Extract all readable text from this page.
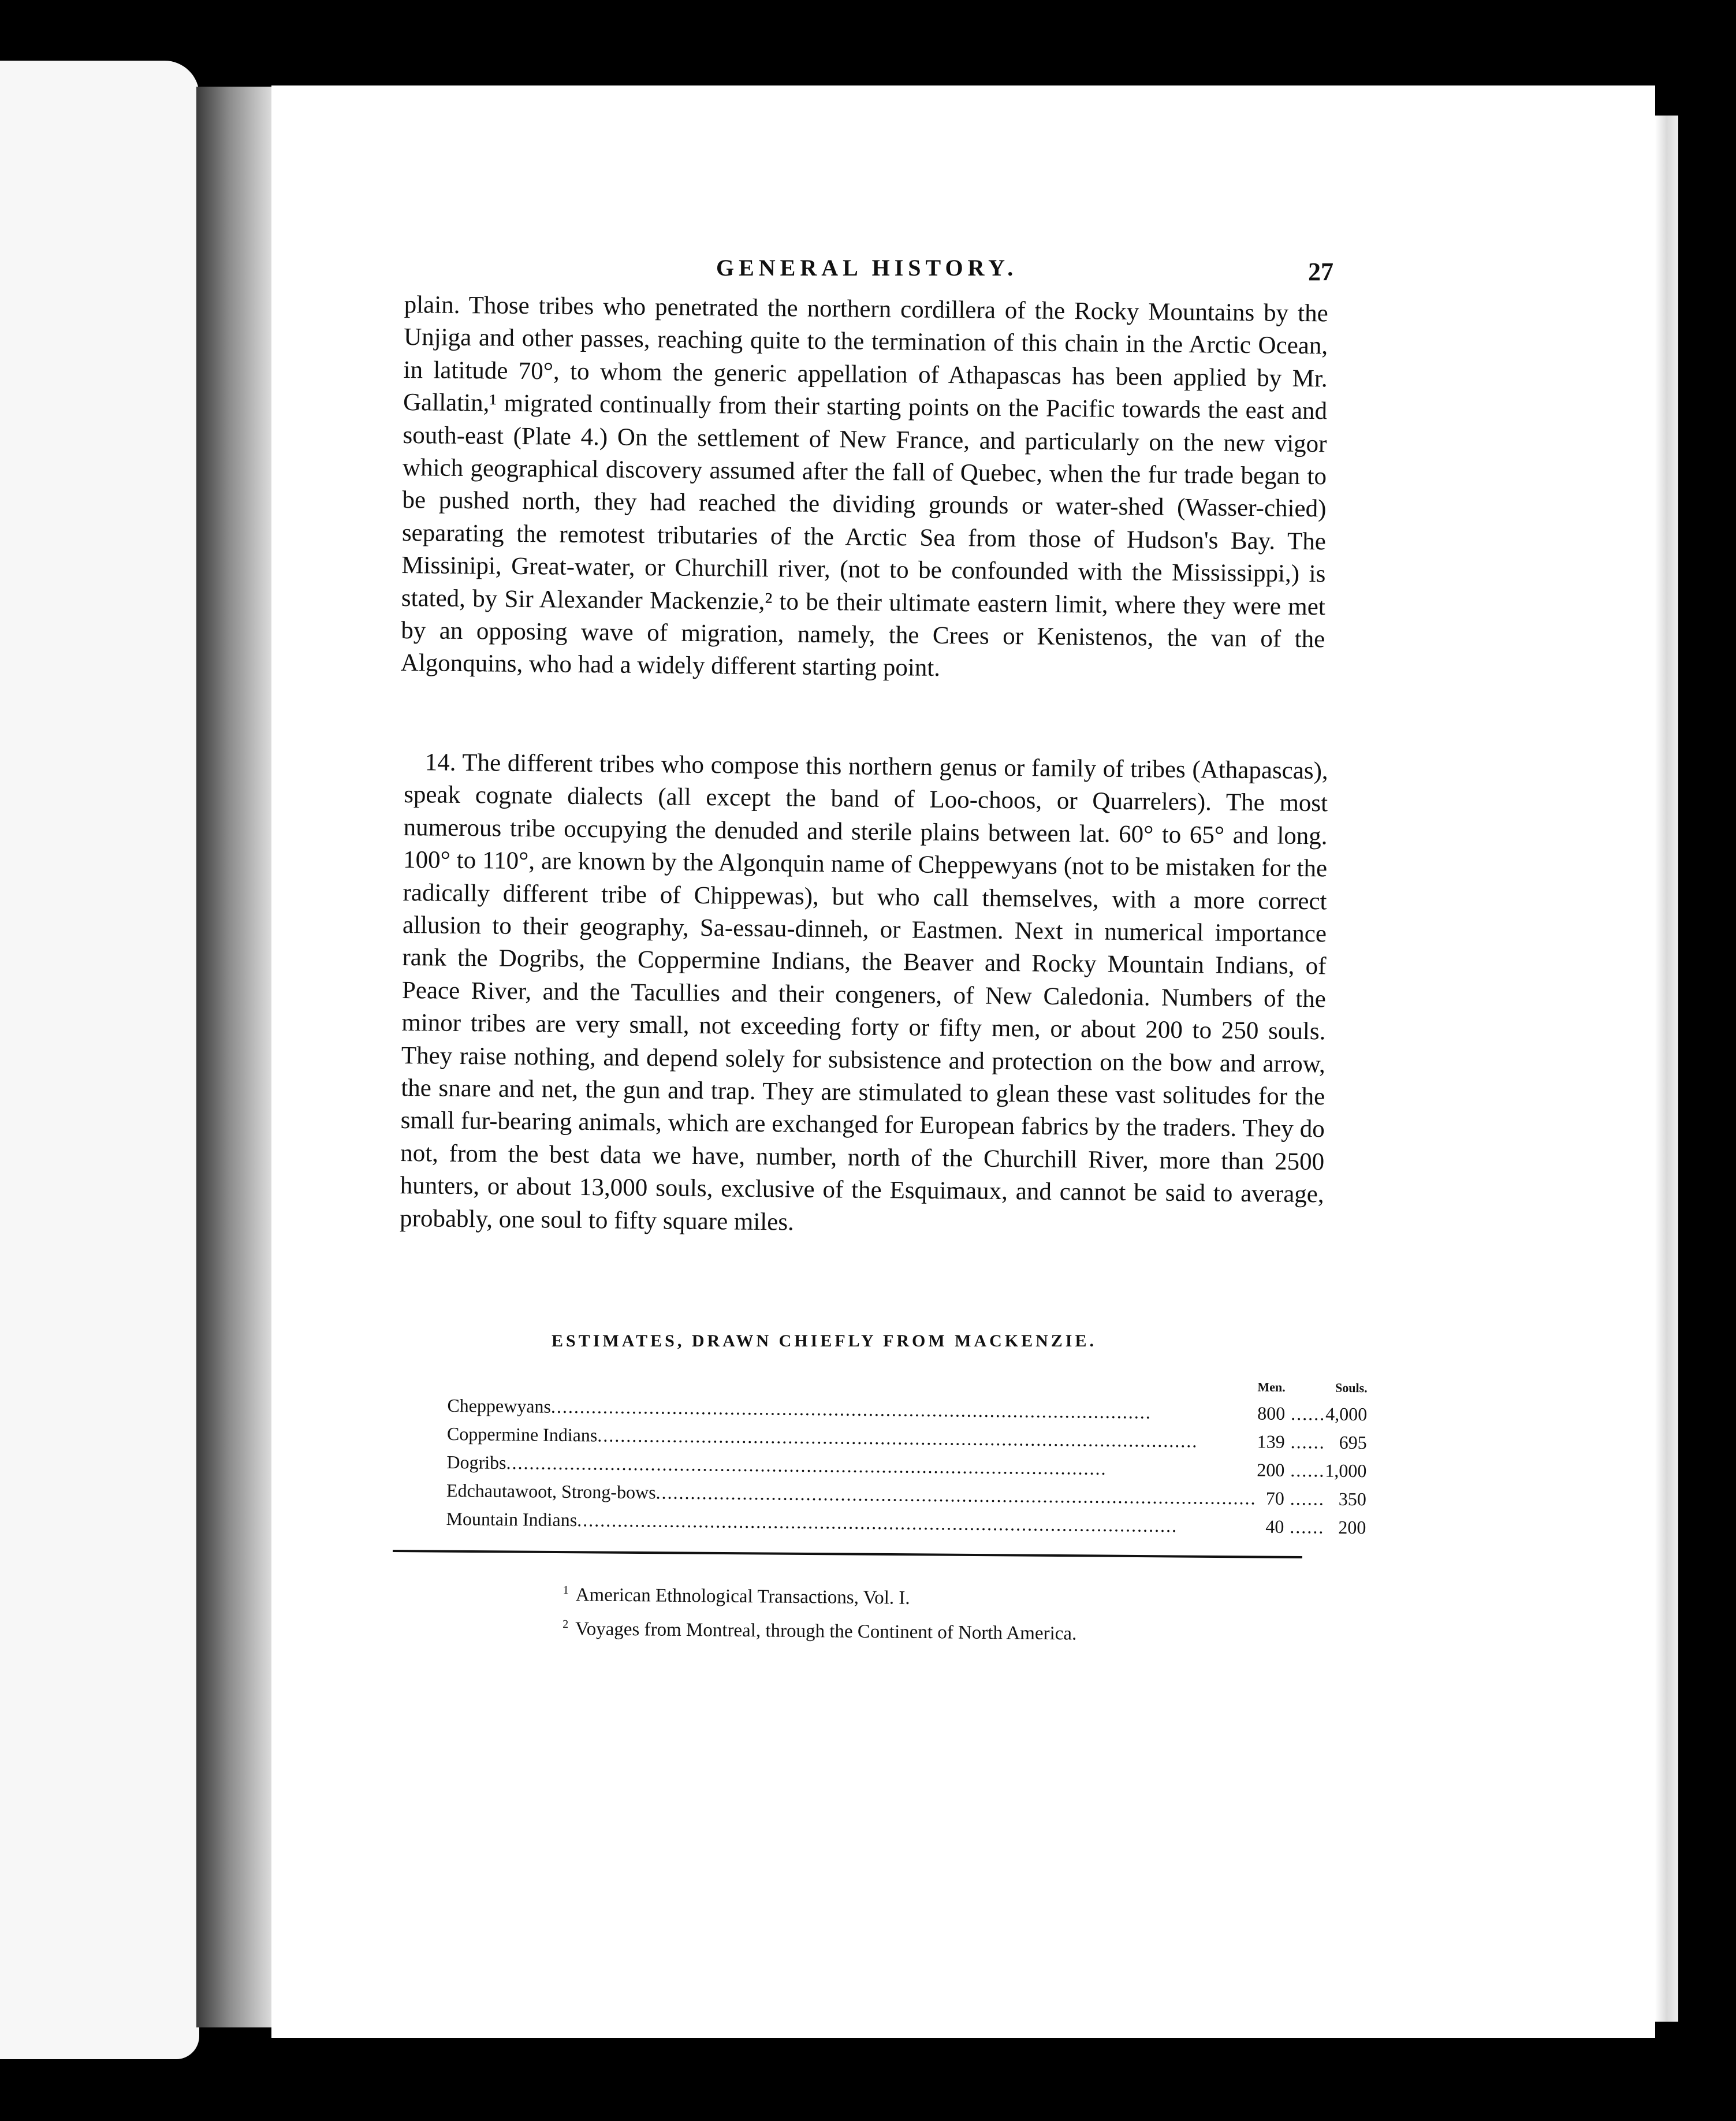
GENERAL HISTORY.	27

plain. Those tribes who penetrated the northern cordillera of the Rocky Mountains by the Unjiga and other passes, reaching quite to the termination of this chain in the Arctic Ocean, in latitude 70°, to whom the generic appellation of Athapascas has been applied by Mr. Gallatin,¹ migrated continually from their starting points on the Pacific towards the east and south-east (Plate 4.) On the settlement of New France, and particularly on the new vigor which geographical discovery assumed after the fall of Quebec, when the fur trade began to be pushed north, they had reached the dividing grounds or water-shed (Wasser-chied) separating the remotest tributaries of the Arctic Sea from those of Hudson's Bay. The Missinipi, Great-water, or Churchill river, (not to be confounded with the Mississippi,) is stated, by Sir Alexander Mackenzie,² to be their ultimate eastern limit, where they were met by an opposing wave of migration, namely, the Crees or Kenistenos, the van of the Algonquins, who had a widely different starting point.

14. The different tribes who compose this northern genus or family of tribes (Athapascas), speak cognate dialects (all except the band of Loo-choos, or Quarrelers). The most numerous tribe occupying the denuded and sterile plains between lat. 60° to 65° and long. 100° to 110°, are known by the Algonquin name of Cheppewyans (not to be mistaken for the radically different tribe of Chippewas), but who call themselves, with a more correct allusion to their geography, Sa-essau-dinneh, or Eastmen. Next in numerical importance rank the Dogribs, the Coppermine Indians, the Beaver and Rocky Mountain Indians, of Peace River, and the Tacullies and their congeners, of New Caledonia. Numbers of the minor tribes are very small, not exceeding forty or fifty men, or about 200 to 250 souls. They raise nothing, and depend solely for subsistence and protection on the bow and arrow, the snare and net, the gun and trap. They are stimulated to glean these vast solitudes for the small fur-bearing animals, which are exchanged for European fabrics by the traders. They do not, from the best data we have, number, north of the Churchill River, more than 2500 hunters, or about 13,000 souls, exclusive of the Esquimaux, and cannot be said to average, probably, one soul to fifty square miles.

ESTIMATES, DRAWN CHIEFLY FROM MACKENZIE.
	Men.		Souls.
Cheppewyans........................................................................................................	800	......	4,000
Coppermine Indians........................................................................................................	139	......	695
Dogribs........................................................................................................	200	......	1,000
Edchautawoot, Strong-bows........................................................................................................	70	......	350
Mountain Indians........................................................................................................	40	......	200
$^1$ American Ethnological Transactions, Vol. I.
$^2$ Voyages from Montreal, through the Continent of North America.
